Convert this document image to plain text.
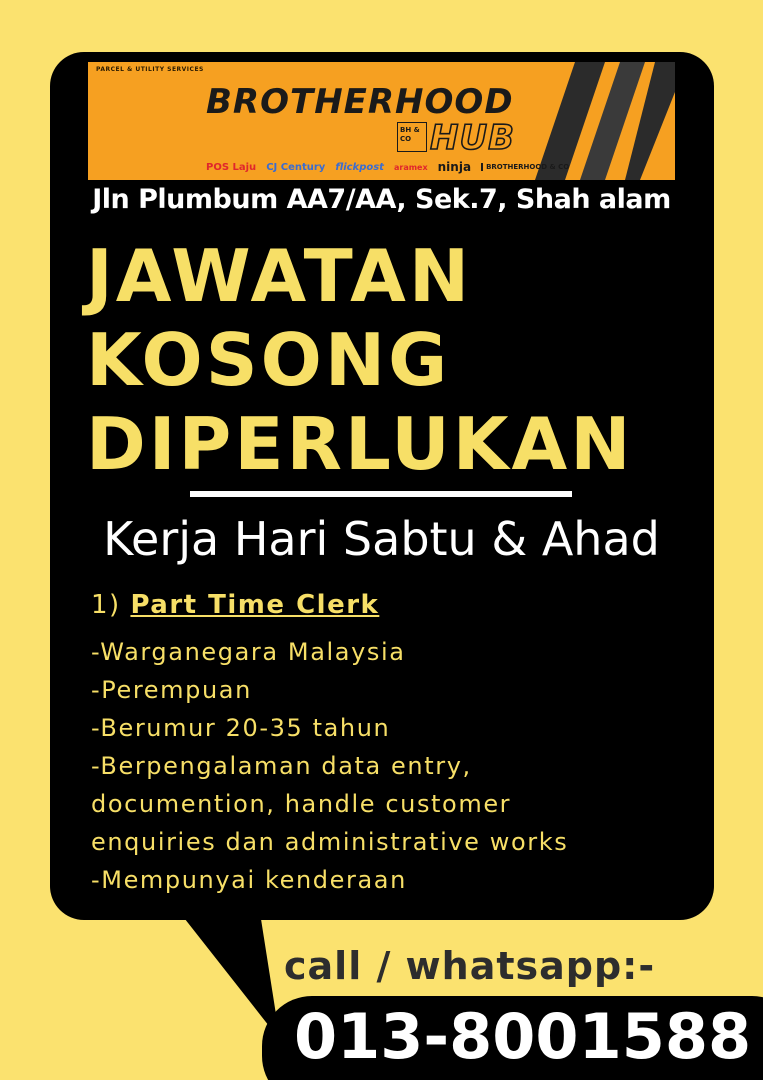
PARCEL & UTILITY SERVICES
BROTHERHOOD
BH & CO HUB
POS Laju CJ Century flickpost aramex ninja	BROTHERHOOD & CO
Jln Plumbum AA7/AA, Sek.7, Shah alam
JAWATAN
KOSONG
DIPERLUKAN
Kerja Hari Sabtu & Ahad
1) Part Time Clerk
-Warganegara Malaysia
-Perempuan
-Berumur 20-35 tahun
-Berpengalaman data entry,
documention, handle customer
enquiries dan administrative works
-Mempunyai kenderaan
call / whatsapp:-
013-8001588
